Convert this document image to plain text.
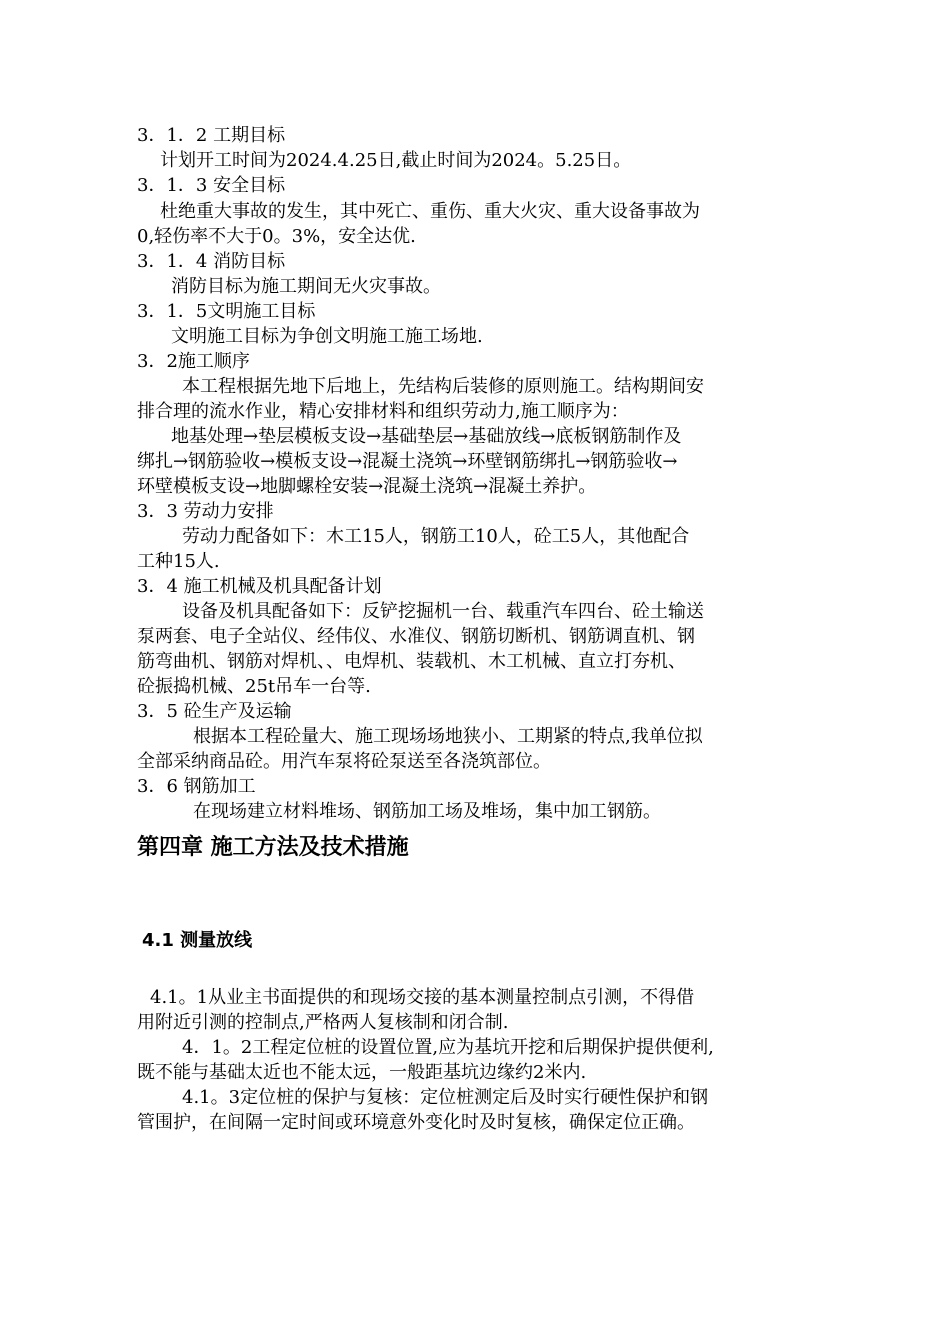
3．1．2 工期目标
计划开工时间为2024.4.25日,截止时间为2024。5.25日。
3．1．3 安全目标
杜绝重大事故的发生，其中死亡、重伤、重大火灾、重大设备事故为
0,轻伤率不大于0。3%，安全达优.
3．1．4 消防目标
消防目标为施工期间无火灾事故。
3．1．5文明施工目标
文明施工目标为争创文明施工施工场地.
3．2施工顺序
本工程根据先地下后地上，先结构后装修的原则施工。结构期间安
排合理的流水作业，精心安排材料和组织劳动力,施工顺序为：
地基处理→垫层模板支设→基础垫层→基础放线→底板钢筋制作及
绑扎→钢筋验收→模板支设→混凝土浇筑→环壁钢筋绑扎→钢筋验收→
环壁模板支设→地脚螺栓安装→混凝土浇筑→混凝土养护。
3．3 劳动力安排
劳动力配备如下：木工15人，钢筋工10人，砼工5人，其他配合
工种15人.
3．4 施工机械及机具配备计划
设备及机具配备如下：反铲挖掘机一台、载重汽车四台、砼土输送
泵两套、电子全站仪、经伟仪、水准仪、钢筋切断机、钢筋调直机、钢
筋弯曲机、钢筋对焊机、、电焊机、装载机、木工机械、直立打夯机、
砼振捣机械、25t吊车一台等.
3．5 砼生产及运输
根据本工程砼量大、施工现场场地狭小、工期紧的特点,我单位拟
全部采纳商品砼。用汽车泵将砼泵送至各浇筑部位。
3．6 钢筋加工
在现场建立材料堆场、钢筋加工场及堆场，集中加工钢筋。
第四章 施工方法及技术措施
4.1 测量放线
4.1。1从业主书面提供的和现场交接的基本测量控制点引测，不得借
用附近引测的控制点,严格两人复核制和闭合制.
4．1。2工程定位桩的设置位置,应为基坑开挖和后期保护提供便利,
既不能与基础太近也不能太远，一般距基坑边缘约2米内.
4.1。3定位桩的保护与复核：定位桩测定后及时实行硬性保护和钢
管围护，在间隔一定时间或环境意外变化时及时复核，确保定位正确。
